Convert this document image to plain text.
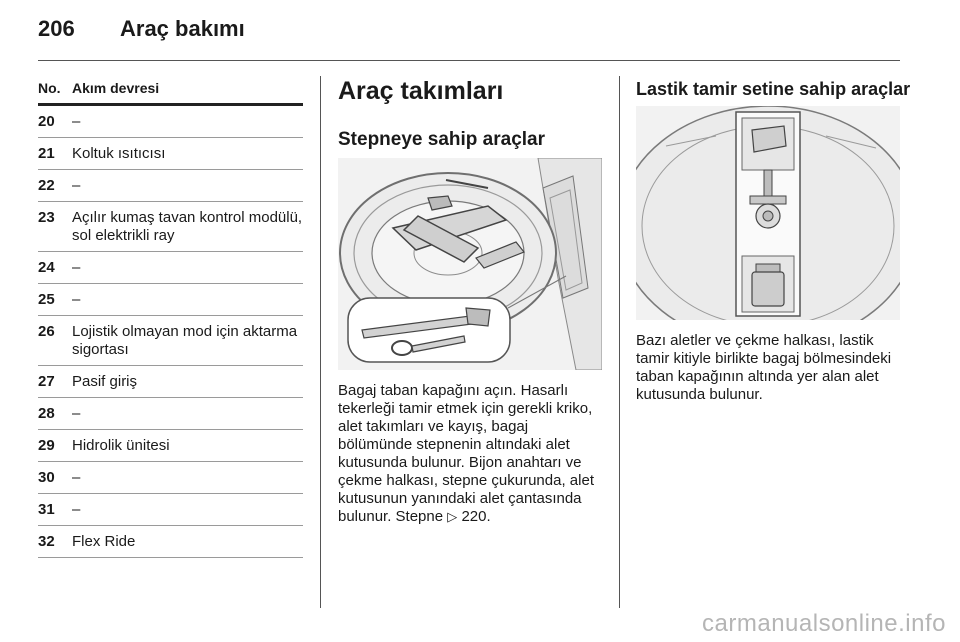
206	Araç bakımı
No. Akım devresi
20	–
21	Koltuk ısıtıcısı
22	–
23	Açılır kumaş tavan kontrol modülü, sol elektrikli ray
24	–
25	–
26	Lojistik olmayan mod için aktarma sigortası
27	Pasif giriş
28	–
29	Hidrolik ünitesi
30	–
31	–
32	Flex Ride
Araç takımları
Stepneye sahip araçlar
Bagaj taban kapağını açın. Hasarlı tekerleği tamir etmek için gerekli kriko, alet takımları ve kayış, bagaj bölümünde stepnenin altındaki alet kutusunda bulunur. Bijon anahtarı ve çekme halkası, stepne çukurunda, alet kutusunun yanındaki alet çantasında bulunur. Stepne ▷ 220.
Lastik tamir setine sahip araçlar
Bazı aletler ve çekme halkası, lastik tamir kitiyle birlikte bagaj bölmesindeki taban kapağının altında yer alan alet kutusunda bulunur.
carmanualsonline.info
